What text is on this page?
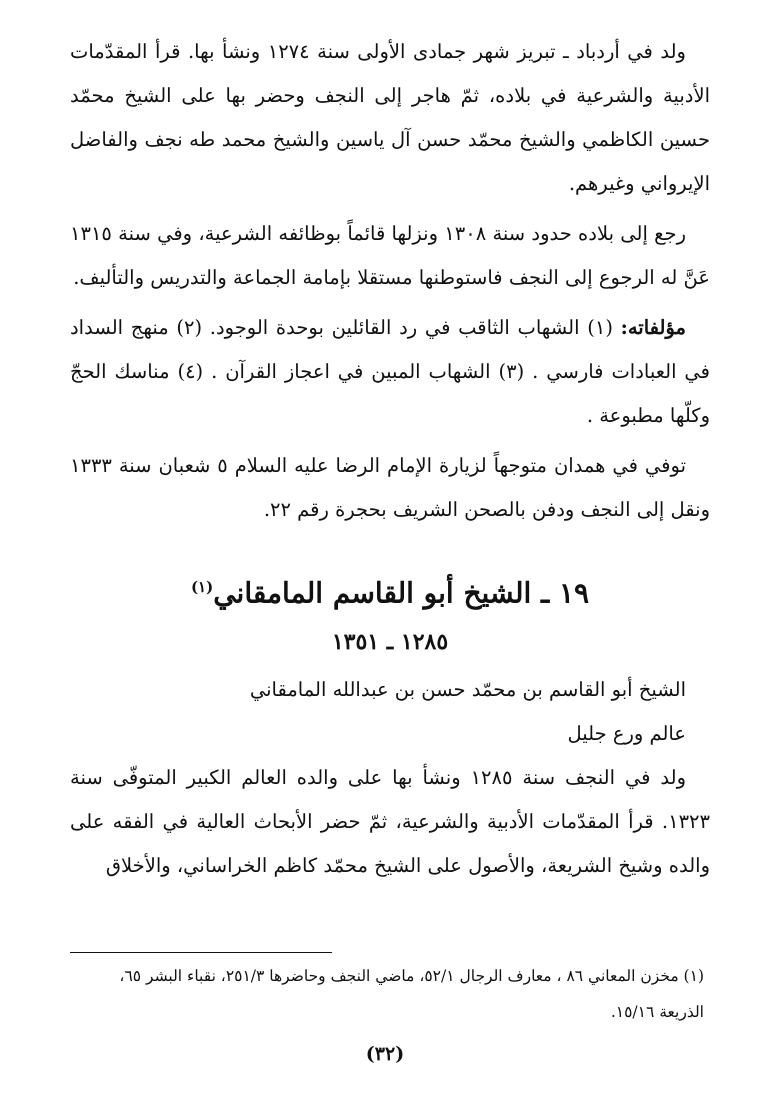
ولد في أردباد ـ تبريز شهر جمادى الأولى سنة ١٢٧٤ ونشأ بها. قرأ المقدّمات الأدبية والشرعية في بلاده، ثمّ هاجر إلى النجف وحضر بها على الشيخ محمّد حسين الكاظمي والشيخ محمّد حسن آل ياسين والشيخ محمد طه نجف والفاضل الإيرواني وغيرهم.

رجع إلى بلاده حدود سنة ١٣٠٨ ونزلها قائماً بوظائفه الشرعية، وفي سنة ١٣١٥ عَنَّ له الرجوع إلى النجف فاستوطنها مستقلا بإمامة الجماعة والتدريس والتأليف.

مؤلفاته: (١) الشهاب الثاقب في رد القائلين بوحدة الوجود. (٢) منهج السداد في العبادات فارسي . (٣) الشهاب المبين في اعجاز القرآن . (٤) مناسك الحجّ وكلّها مطبوعة .

توفي في همدان متوجهاً لزيارة الإمام الرضا عليه السلام ٥ شعبان سنة ١٣٣٣ ونقل إلى النجف ودفن بالصحن الشريف بحجرة رقم ٢٢.

١٩ ـ الشيخ أبو القاسم المامقاني$^{(١)}$
١٢٨٥ ـ ١٣٥١

الشيخ أبو القاسم بن محمّد حسن بن عبدالله المامقاني

عالم ورع جليل

ولد في النجف سنة ١٢٨٥ ونشأ بها على والده العالم الكبير المتوفّى سنة ١٣٢٣. قرأ المقدّمات الأدبية والشرعية، ثمّ حضر الأبحاث العالية في الفقه على والده وشيخ الشريعة، والأصول على الشيخ محمّد كاظم الخراساني، والأخلاق

(١) مخزن المعاني ٨٦ ، معارف الرجال ٥٢/١، ماضي النجف وحاضرها ٢٥١/٣، نقباء البشر ٦٥،

الذريعة ١٥/١٦.

(٣٢)
